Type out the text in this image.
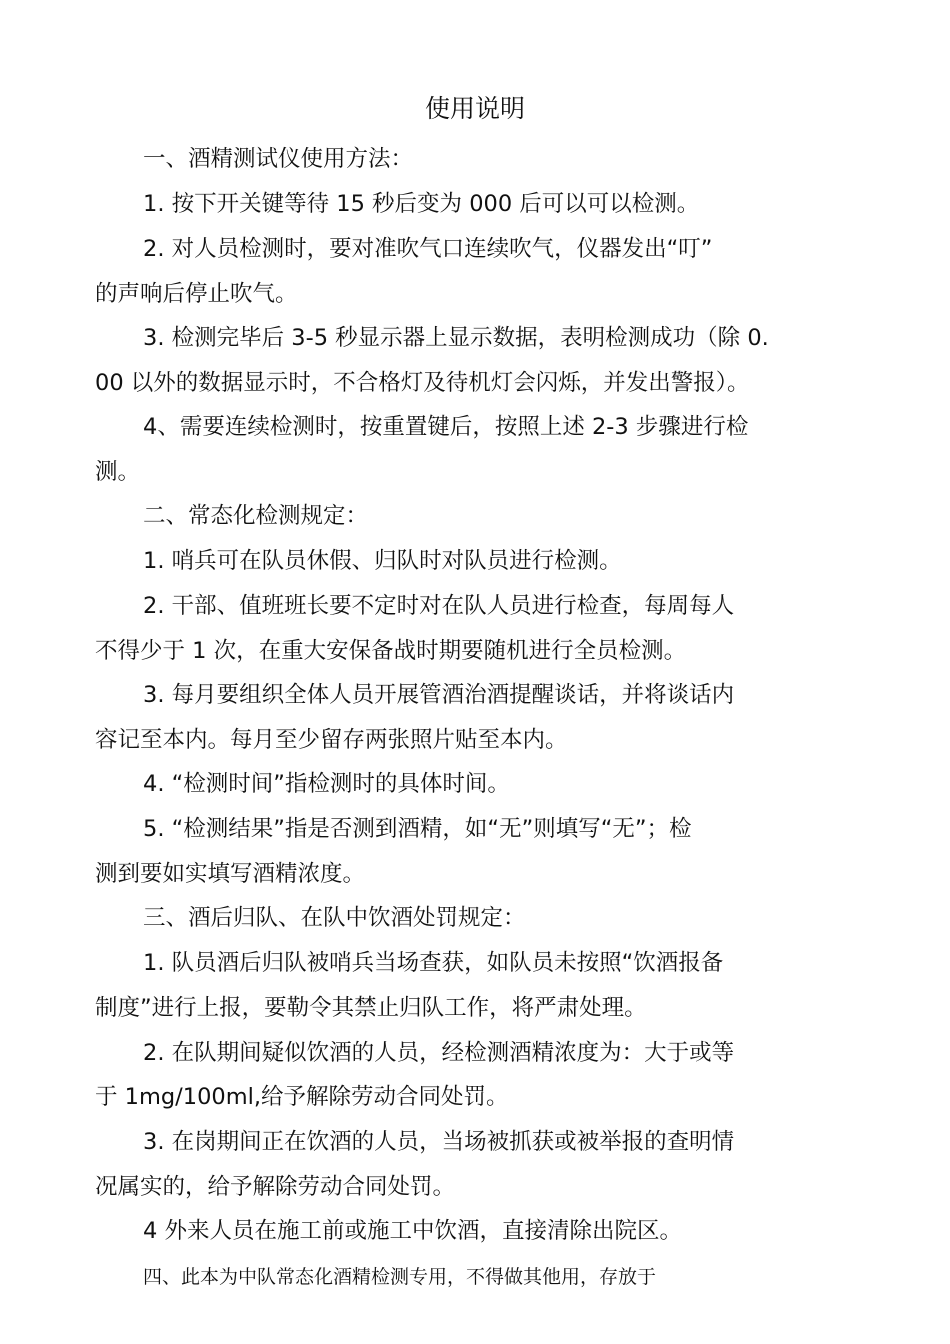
使用说明
一、酒精测试仪使用方法：
1. 按下开关键等待 15 秒后变为 000 后可以可以检测。
2. 对人员检测时，要对准吹气口连续吹气，仪器发出“叮”
的声响后停止吹气。
3. 检测完毕后 3-5 秒显示器上显示数据，表明检测成功（除 0.
00 以外的数据显示时，不合格灯及待机灯会闪烁，并发出警报）。
4、需要连续检测时，按重置键后，按照上述 2-3 步骤进行检
测。
二、常态化检测规定：
1. 哨兵可在队员休假、归队时对队员进行检测。
2. 干部、值班班长要不定时对在队人员进行检查，每周每人
不得少于 1 次，在重大安保备战时期要随机进行全员检测。
3. 每月要组织全体人员开展管酒治酒提醒谈话，并将谈话内
容记至本内。每月至少留存两张照片贴至本内。
4. “检测时间”指检测时的具体时间。
5. “检测结果”指是否测到酒精，如“无”则填写“无”；检
测到要如实填写酒精浓度。
三、酒后归队、在队中饮酒处罚规定：
1. 队员酒后归队被哨兵当场查获，如队员未按照“饮酒报备
制度”进行上报，要勒令其禁止归队工作，将严肃处理。
2. 在队期间疑似饮酒的人员，经检测酒精浓度为：大于或等
于 1mg/100ml,给予解除劳动合同处罚。
3. 在岗期间正在饮酒的人员，当场被抓获或被举报的查明情
况属实的，给予解除劳动合同处罚。
4 外来人员在施工前或施工中饮酒，直接清除出院区。
四、此本为中队常态化酒精检测专用，不得做其他用，存放于
